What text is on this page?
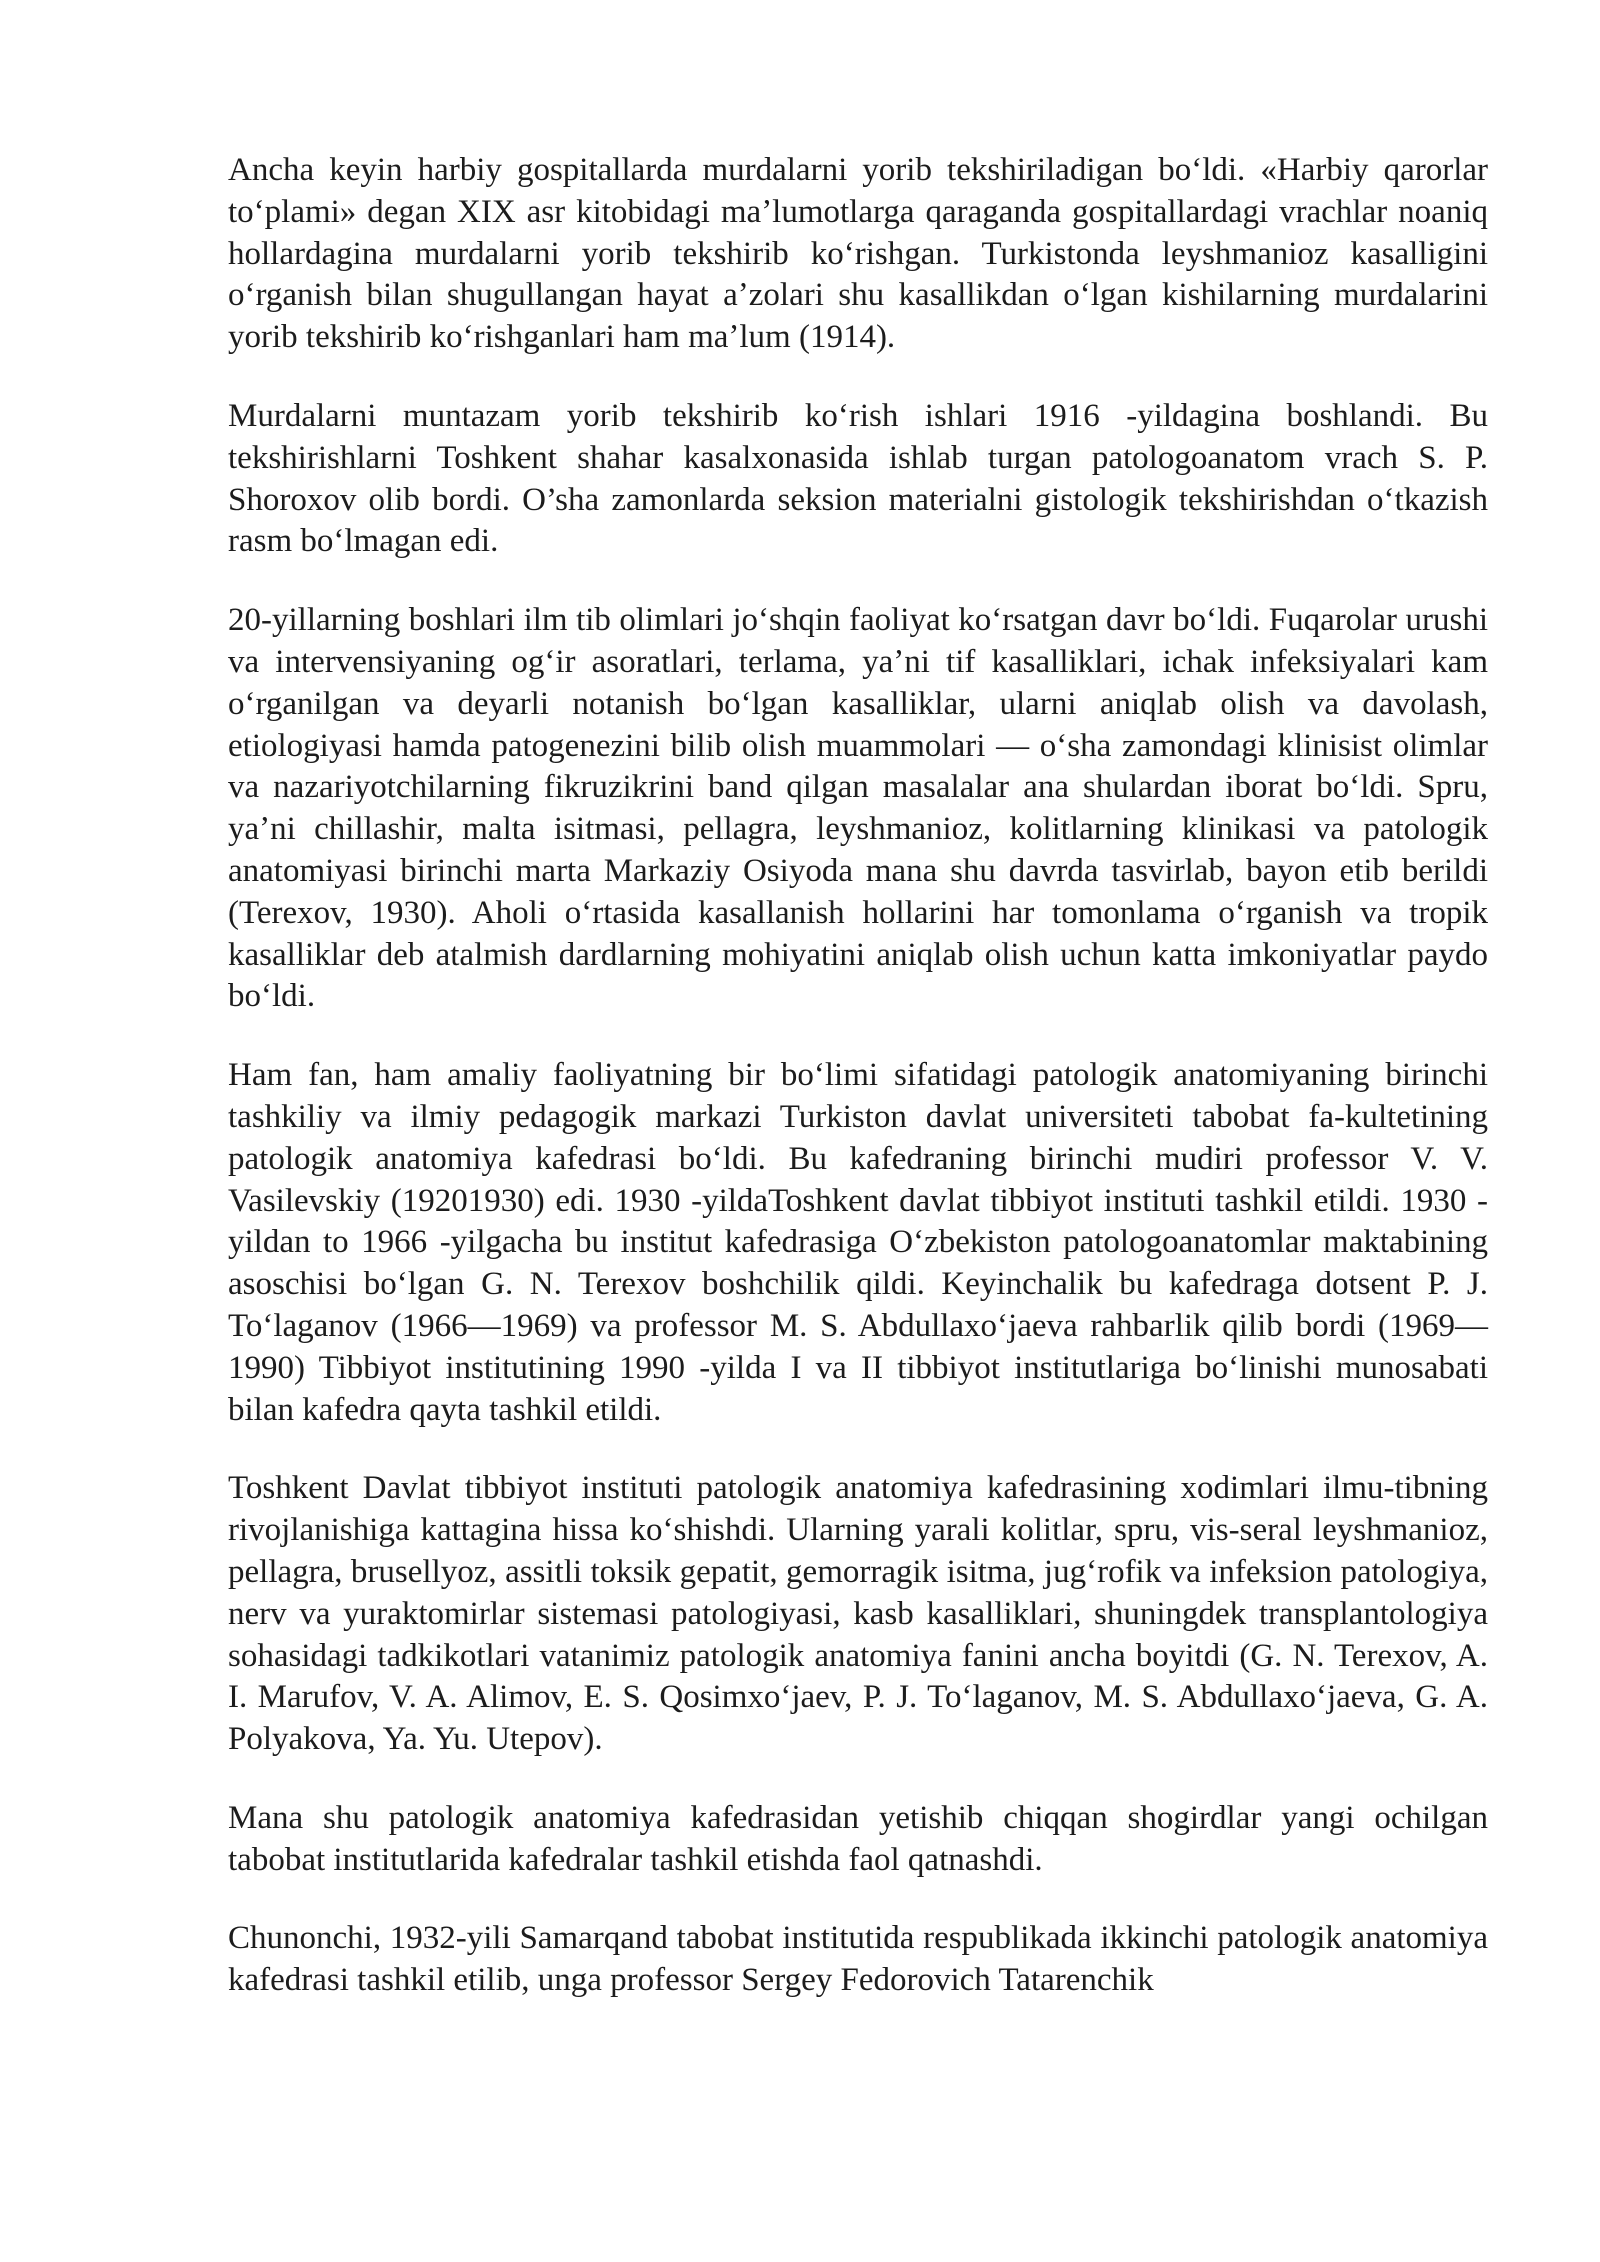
Ancha keyin harbiy gospitallarda murdalarni yorib tekshiriladigan boʻldi. «Harbiy qarorlar toʻplami» degan XIX asr kitobidagi maʼlumotlarga qaraganda gospitallardagi vrachlar noaniq hollardagina murdalarni yorib tekshirib koʻrishgan. Turkistonda leyshmanioz kasalligini oʻrganish bilan shugullangan hayat aʼzolari shu kasallikdan oʻlgan kishilarning murdalarini yorib tekshirib koʻrishganlari ham maʼlum (1914).

Murdalarni muntazam yorib tekshirib koʻrish ishlari 1916 -yildagina boshlandi. Bu tekshirishlarni Toshkent shahar kasalxonasida ishlab turgan patologoanatom vrach S. P. Shoroxov olib bordi. O’sha zamonlarda seksion materialni gistologik tekshirishdan oʻtkazish rasm boʻlmagan edi.

20-yillarning boshlari ilm tib olimlari joʻshqin faoliyat koʻrsatgan davr boʻldi. Fuqarolar urushi va intervensiyaning ogʻir asoratlari, terlama, yaʼni tif kasalliklari, ichak infeksiyalari kam oʻrganilgan va deyarli notanish boʻlgan kasalliklar, ularni aniqlab olish va davolash, etiologiyasi hamda patogenezini bilib olish muammolari — oʻsha zamondagi klinisist olimlar va nazariyotchilarning fikruzikrini band qilgan masalalar ana shulardan iborat boʻldi. Spru, yaʼni chillashir, malta isitmasi, pellagra, leyshmanioz, kolitlarning klinikasi va patologik anatomiyasi birinchi marta Markaziy Osiyoda mana shu davrda tasvirlab, bayon etib berildi (Terexov, 1930). Aholi oʻrtasida kasallanish hollarini har tomonlama oʻrganish va tropik kasalliklar deb atalmish dardlarning mohiyatini aniqlab olish uchun katta imkoniyatlar paydo boʻldi.

Ham fan, ham amaliy faoliyatning bir boʻlimi sifatidagi patologik anatomiyaning birinchi tashkiliy va ilmiy pedagogik markazi Turkiston davlat universiteti tabobat fa-kultetining patologik anatomiya kafedrasi boʻldi. Bu kafedraning birinchi mudiri professor V. V. Vasilevskiy (19201930) edi. 1930 -yildaToshkent davlat tibbiyot instituti tashkil etildi. 1930 -yildan to 1966 -yilgacha bu institut kafedrasiga Oʻzbekiston patologoanatomlar maktabining asoschisi boʻlgan G. N. Terexov boshchilik qildi. Keyinchalik bu kafedraga dotsent P. J. Toʻlaganov (1966—1969) va professor M. S. Abdullaxoʻjaeva rahbarlik qilib bordi (1969— 1990) Tibbiyot institutining 1990 -yilda I va II tibbiyot institutlariga boʻlinishi munosabati bilan kafedra qayta tashkil etildi.

Toshkent Davlat tibbiyot instituti patologik anatomiya kafedrasining xodimlari ilmu-tibning rivojlanishiga kattagina hissa koʻshishdi. Ularning yarali kolitlar, spru, vis-seral leyshmanioz, pellagra, brusellyoz, assitli toksik gepatit, gemorragik isitma, jugʻrofik va infeksion patologiya, nerv va yuraktomirlar sistemasi patologiyasi, kasb kasalliklari, shuningdek transplantologiya sohasidagi tadkikotlari vatanimiz patologik anatomiya fanini ancha boyitdi (G. N. Terexov, A. I. Marufov, V. A. Alimov, E. S. Qosimxoʻjaev, P. J. Toʻlaganov, M. S. Abdullaxoʻjaeva, G. A. Polyakova, Ya. Yu. Utepov).

Mana shu patologik anatomiya kafedrasidan yetishib chiqqan shogirdlar yangi ochilgan tabobat institutlarida kafedralar tashkil etishda faol qatnashdi.

Chunonchi, 1932-yili Samarqand tabobat institutida respublikada ikkinchi patologik anatomiya kafedrasi tashkil etilib, unga professor Sergey Fedorovich Tatarenchik
